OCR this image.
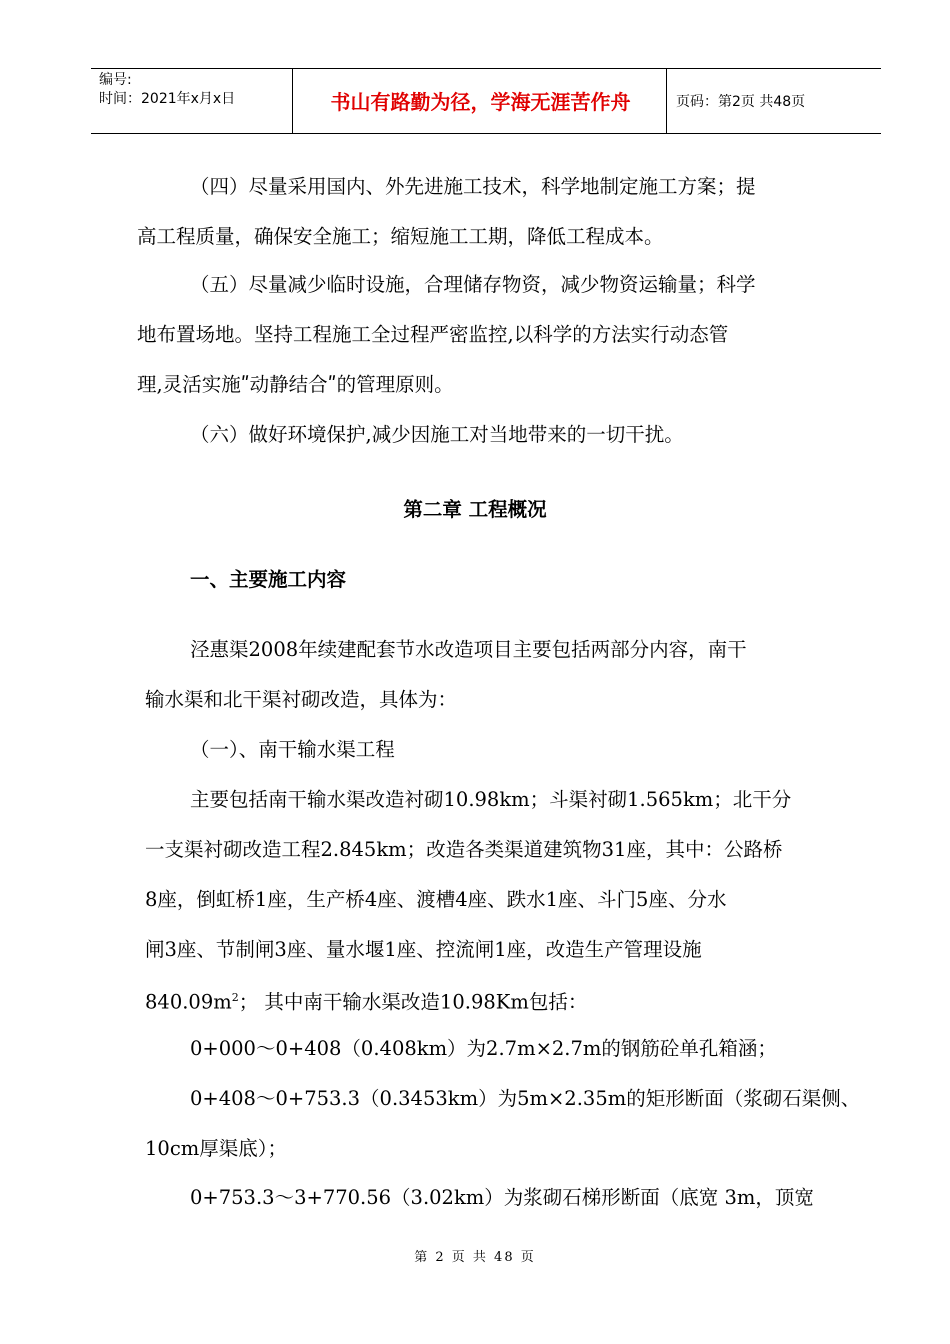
编号:
时间：2021年x月x日	书山有路勤为径，学海无涯苦作舟	页码：第2页 共48页
（四）尽量采用国内、外先进施工技术，科学地制定施工方案；提
高工程质量，确保安全施工；缩短施工工期，降低工程成本。
（五）尽量减少临时设施，合理储存物资，减少物资运输量；科学
地布置场地。坚持工程施工全过程严密监控,以科学的方法实行动态管
理,灵活实施ʺ动静结合ʺ的管理原则。
（六）做好环境保护,减少因施工对当地带来的一切干扰。
第二章 工程概况
一、主要施工内容
泾惠渠2008年续建配套节水改造项目主要包括两部分内容，南干
输水渠和北干渠衬砌改造，具体为：
（一）、南干输水渠工程
主要包括南干输水渠改造衬砌10.98km；斗渠衬砌1.565km；北干分
一支渠衬砌改造工程2.845km；改造各类渠道建筑物31座，其中：公路桥
8座，倒虹桥1座，生产桥4座、渡槽4座、跌水1座、斗门5座、分水
闸3座、节制闸3座、量水堰1座、控流闸1座，改造生产管理设施
$840.09m^2$； 其中南干输水渠改造10.98Km包括：
0+000～0+408（0.408km）为2.7m×2.7m的钢筋砼单孔箱涵；
0+408～0+753.3（0.3453km）为5m×2.35m的矩形断面（浆砌石渠侧、
10cm厚渠底）；
0+753.3～3+770.56（3.02km）为浆砌石梯形断面（底宽 3m，顶宽
第 2 页 共 48 页
